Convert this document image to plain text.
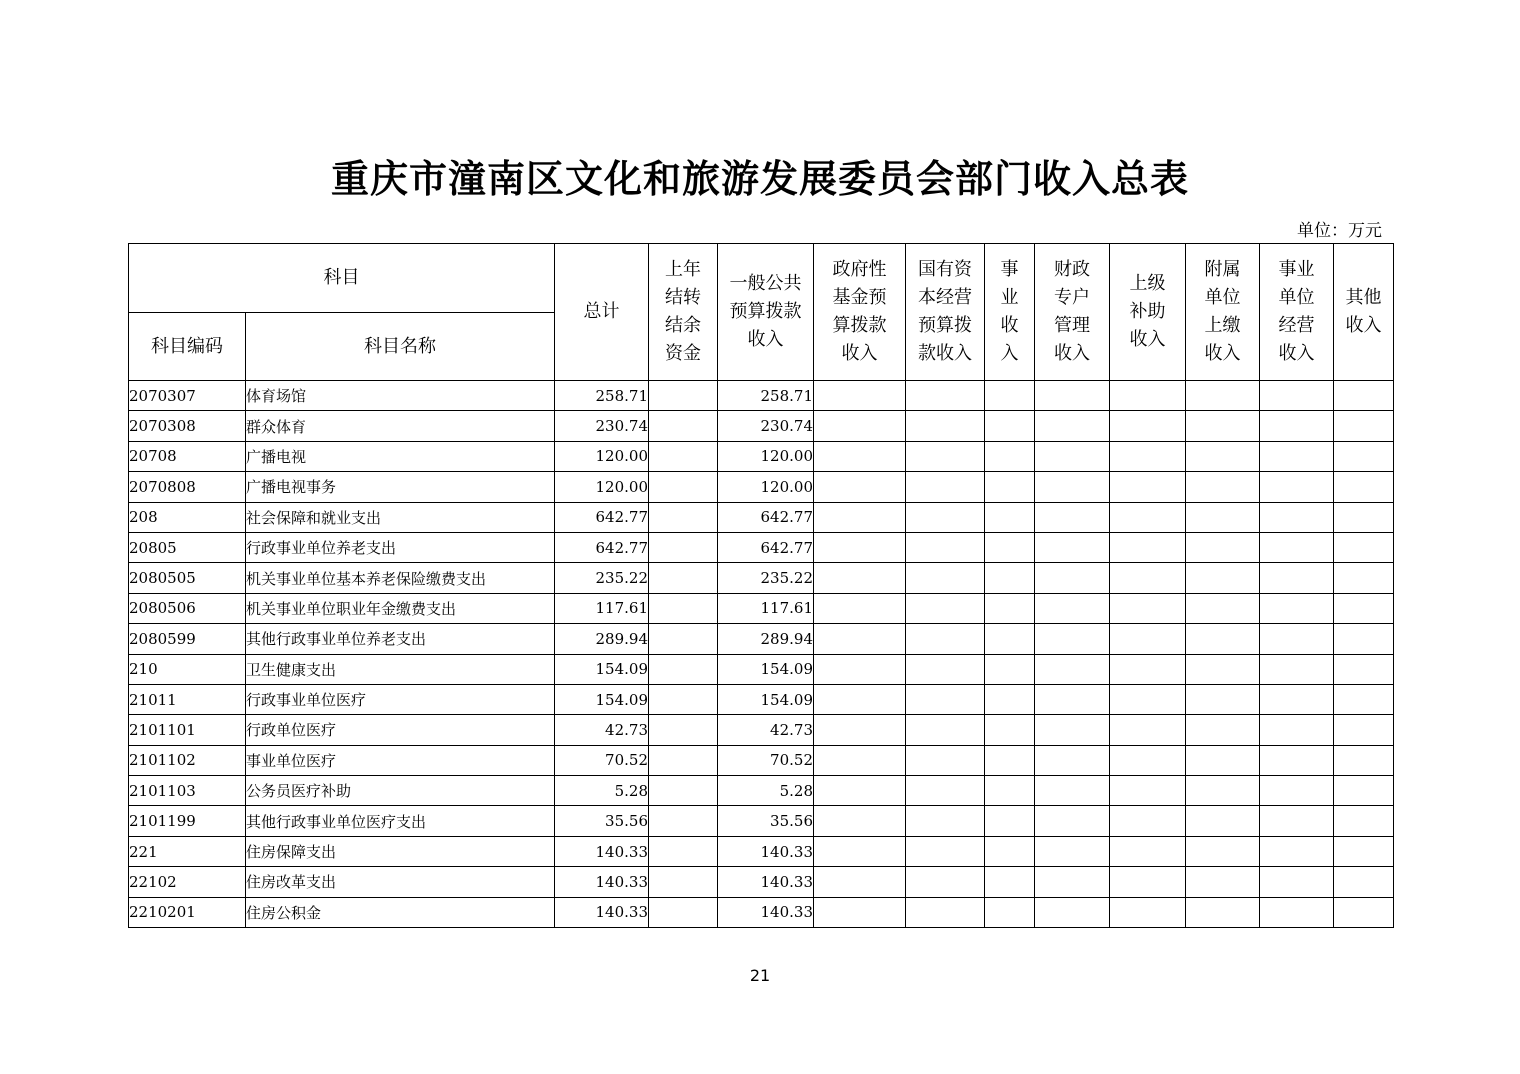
重庆市潼南区文化和旅游发展委员会部门收入总表
单位：万元
科目		总计	上年结转结余资金	一般公共预算拨款收入	政府性基金预算拨款收入	国有资本经营预算拨款收入	事业收入	财政专户管理收入	上级补助收入	附属单位上缴收入	事业单位经营收入	其他收入
科目编码	科目名称											
2070307	体育场馆	258.71		258.71								
2070308	群众体育	230.74		230.74								
20708	广播电视	120.00		120.00								
2070808	广播电视事务	120.00		120.00								
208	社会保障和就业支出	642.77		642.77								
20805	行政事业单位养老支出	642.77		642.77								
2080505	机关事业单位基本养老保险缴费支出	235.22		235.22								
2080506	机关事业单位职业年金缴费支出	117.61		117.61								
2080599	其他行政事业单位养老支出	289.94		289.94								
210	卫生健康支出	154.09		154.09								
21011	行政事业单位医疗	154.09		154.09								
2101101	行政单位医疗	42.73		42.73								
2101102	事业单位医疗	70.52		70.52								
2101103	公务员医疗补助	5.28		5.28								
2101199	其他行政事业单位医疗支出	35.56		35.56								
221	住房保障支出	140.33		140.33								
22102	住房改革支出	140.33		140.33								
2210201	住房公积金	140.33		140.33								
21
